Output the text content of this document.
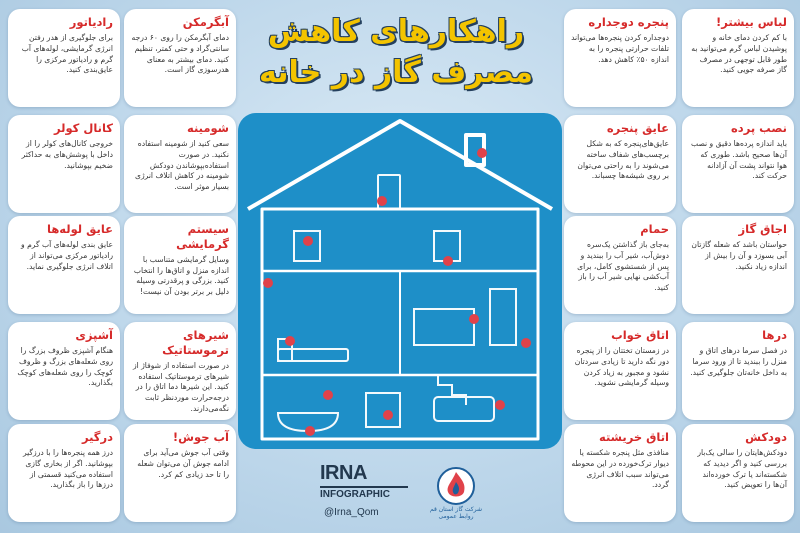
راهکارهای کاهش
مصرف گاز در خانه
لباس بیشتر!

با کم کردن دمای خانه و پوشیدن لباس گرم می‌توانید به طور قابل توجهی در مصرف گاز صرفه جویی کنید.

نصب پرده

باید اندازه پرده‌ها دقیق و نصب آن‌ها صحیح باشد. طوری که هوا نتواند پشت آن آزادانه حرکت کند.

اجاق گاز

حواستان باشد که شعله گازتان آبی بسوزد و آن را بیش از اندازه زیاد نکنید.

درها

در فصل سرما درهای اتاق و منزل را ببندید تا از ورود سرما به داخل خانه‌تان جلوگیری کنید.

دودکش

دودکش‌هایتان را سالی یک‌بار بررسی کنید و اگر دیدید که شکسته‌اند یا ترک خورده‌اند آن‌ها را تعویض کنید.

پنجره دوجداره

دوجداره کردن پنجره‌ها می‌تواند تلفات حرارتی پنجره را به اندازه ۵۰٪ کاهش دهد.

عایق پنجره

عایق‌های‌پنجره که به شکل برچسب‌های شفاف ساخته می‌شوند را به راحتی می‌توان بر روی شیشه‌ها چسباند.

حمام

به‌جای باز گذاشتن یک‌سره دوش‌آب، شیر آب را ببندید و پس از شستشوی کامل، برای آب‌کشی نهایی شیر آب را باز کنید.

اتاق خواب

در زمستان تختتان را از پنجره دور نگه دارید تا زیادی سردتان نشود و مجبور به زیاد کردن وسیله گرمایشی نشوید.

اتاق خریشته

منافذی مثل پنجره شکسته یا دیوار ترک‌خورده در این محوطه می‌تواند سبب اتلاف انرژی گردد.

آبگرمکن

دمای آبگرمکن را روی ۶۰ درجه سانتی‌گراد و حتی کمتر، تنظیم کنید. دمای بیشتر به معنای هدرسوزی گاز است.

شومینه

سعی کنید از شومینه استفاده نکنید. در صورت استفاده‌بپوشاندن دودکش شومینه در کاهش اتلاف انرژی بسیار موثر است.

سیستم گرمایشی

وسایل گرمایشی متناسب با اندازه منزل و اتاق‌ها را انتخاب کنید. بزرگی و پرقدرتی وسیله دلیل بر برتر بودن آن نیست!

شیرهای ترموستاتیک

در صورت استفاده از شوفاژ از شیرهای ترموستاتیک استفاده کنید. این شیرها دما اتاق را در درجه‌حرارت موردنظر ثابت نگه‌می‌دارند.

آب جوش!

وقتی آب جوش می‌آید برای ادامه جوش آن می‌توان شعله را تا حد زیادی کم کرد.

رادیاتور

برای جلوگیری از هدر رفتن انرژی گرمایشی، لوله‌های آب گرم و رادیاتور مرکزی را عایق‌بندی کنید.

کانال کولر

خروجی کانال‌های کولر را از داخل با پوشش‌های به حداکثر ضخیم بپوشانید.

عایق لوله‌ها

عایق بندی لوله‌های آب گرم و رادیاتور مرکزی می‌تواند از اتلاف انرژی جلوگیری نماید.

آشپزی

هنگام آشپزی ظروف بزرگ را روی شعله‌های بزرگ و ظروف کوچک را روی شعله‌های کوچک بگذارید.

درگیر

درز همه پنجره‌ها را با درزگیر بپوشانید. اگر از بخاری گازی استفاده می‌کنید قسمتی از درزها را باز بگذارید.

IRNA
INFOGRAPHIC
@Irna_Qom	شرکت گاز استان قم روابط عمومی
